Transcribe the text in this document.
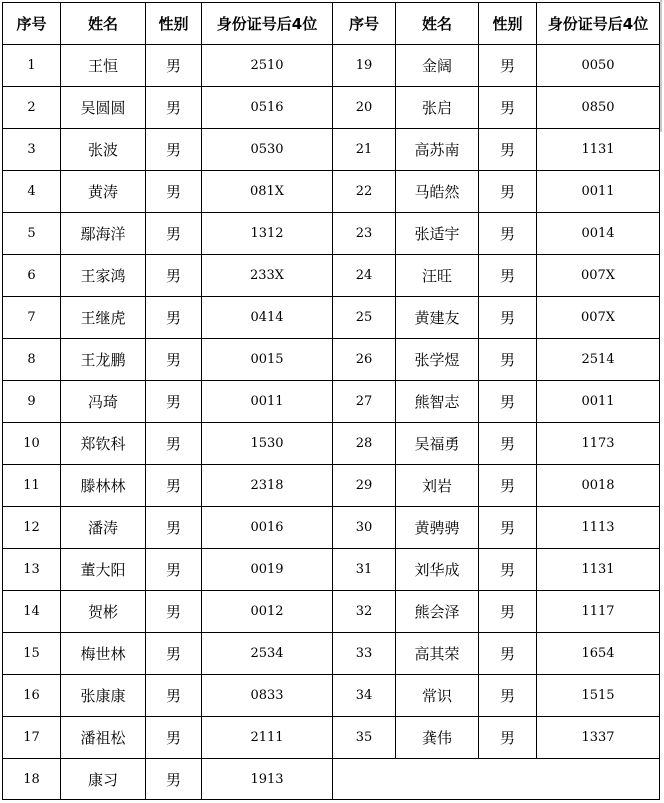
序号	姓名	性别	身份证号后4位	序号	姓名	性别	身份证号后4位
1	王恒	男	2510	19	金阔	男	0050
2	吴圆圆	男	0516	20	张启	男	0850
3	张波	男	0530	21	高苏南	男	1131
4	黄涛	男	081X	22	马皓然	男	0011
5	鄢海洋	男	1312	23	张适宇	男	0014
6	王家鸿	男	233X	24	汪旺	男	007X
7	王继虎	男	0414	25	黄建友	男	007X
8	王龙鹏	男	0015	26	张学煜	男	2514
9	冯琦	男	0011	27	熊智志	男	0011
10	郑钦科	男	1530	28	吴福勇	男	1173
11	滕林林	男	2318	29	刘岩	男	0018
12	潘涛	男	0016	30	黄骋骋	男	1113
13	董大阳	男	0019	31	刘华成	男	1131
14	贺彬	男	0012	32	熊会泽	男	1117
15	梅世林	男	2534	33	高其荣	男	1654
16	张康康	男	0833	34	常识	男	1515
17	潘祖松	男	2111	35	龚伟	男	1337
18	康习	男	1913				
